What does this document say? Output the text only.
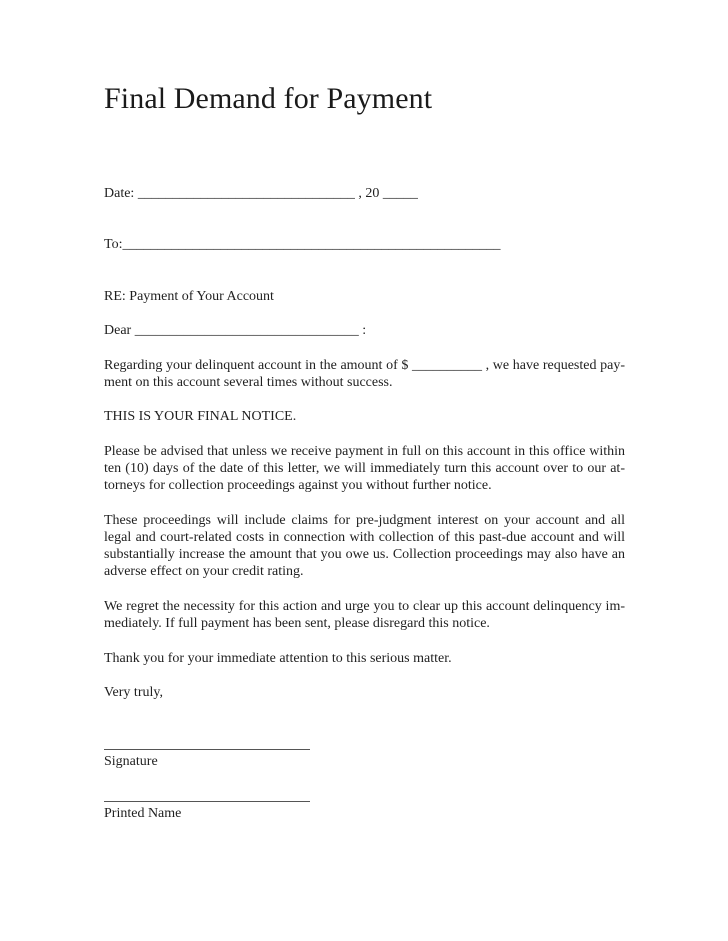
Final Demand for Payment

Date: _______________________________ , 20 _____

To:______________________________________________________

RE: Payment of Your Account

Dear ________________________________ :

Regarding your delinquent account in the amount of $ __________ , we have requested pay-
ment on this account several times without success.
THIS IS YOUR FINAL NOTICE.
Please be advised that unless we receive payment in full on this account in this office within
ten (10) days of the date of this letter, we will immediately turn this account over to our at-
torneys for collection proceedings against you without further notice.
These proceedings will include claims for pre-judgment interest on your account and all
legal and court-related costs in connection with collection of this past-due account and will
substantially increase the amount that you owe us. Collection proceedings may also have an
adverse effect on your credit rating.
We regret the necessity for this action and urge you to clear up this account delinquency im-
mediately. If full payment has been sent, please disregard this notice.
Thank you for your immediate attention to this serious matter.

Very truly,

Signature

Printed Name
